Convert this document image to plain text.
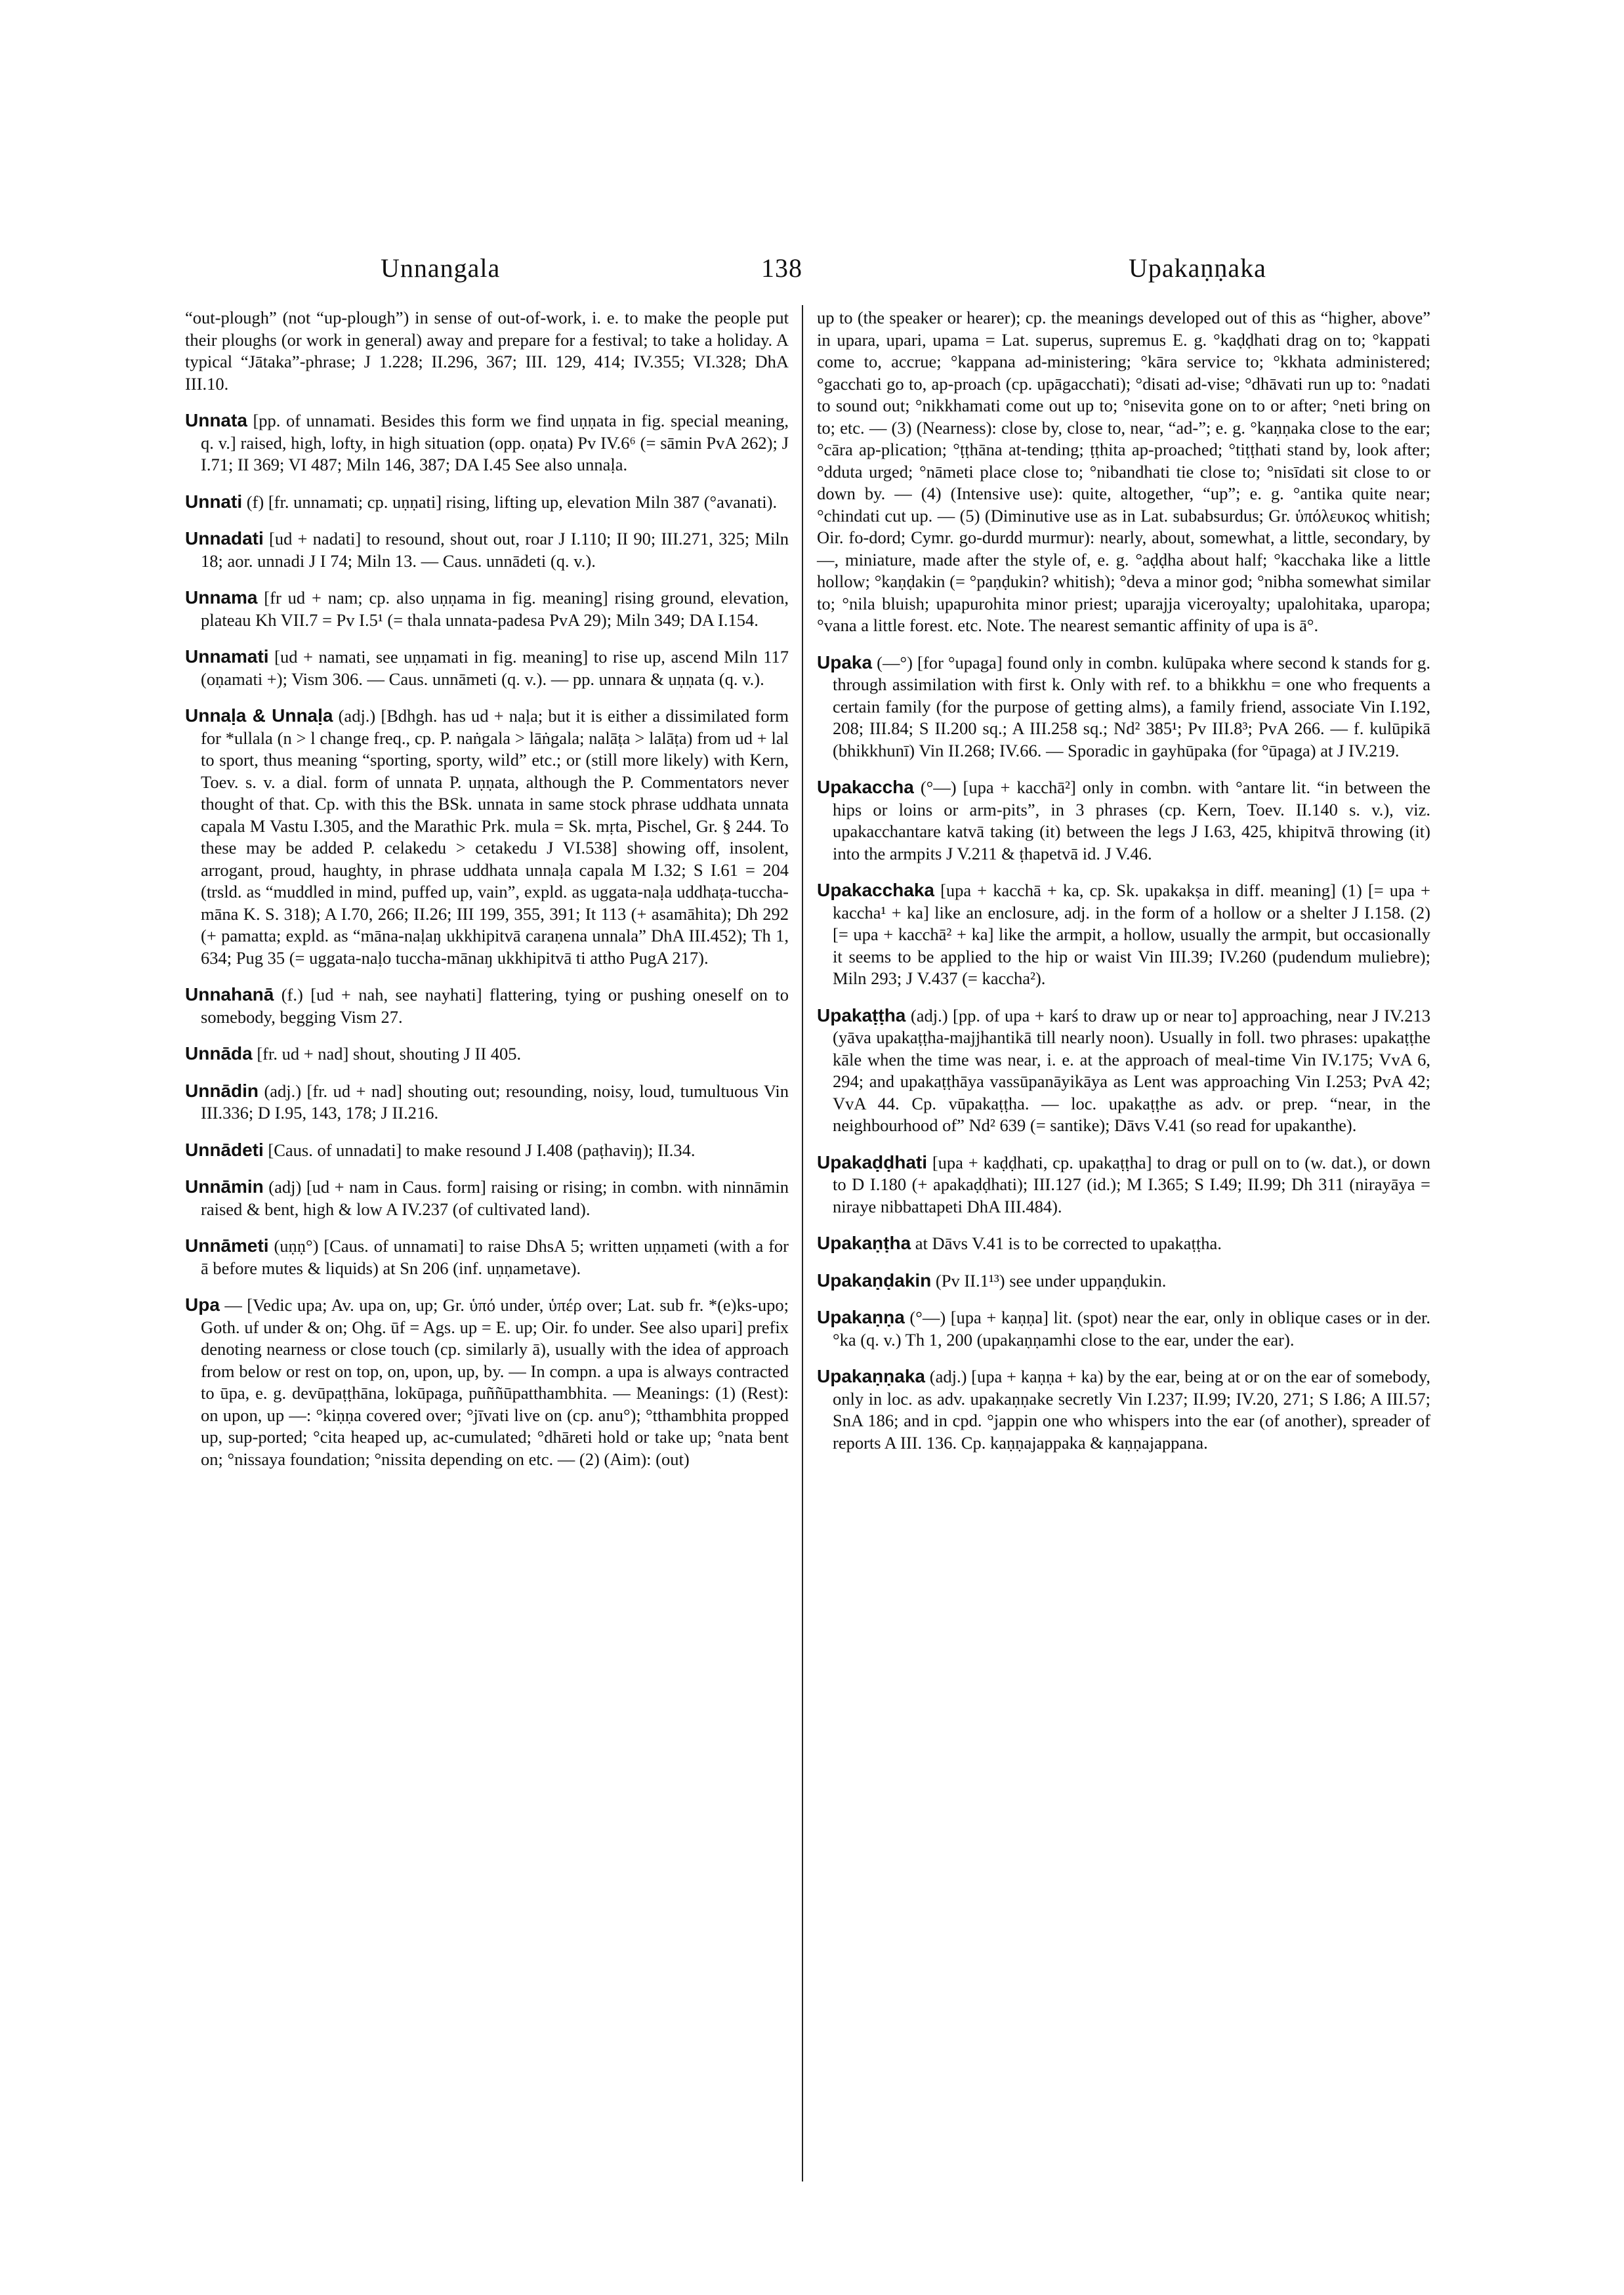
Unnangala	138	Upakaṇṇaka

“out-plough” (not “up-plough”) in sense of out-of-work, i. e. to make the people put their ploughs (or work in general) away and prepare for a festival; to take a holiday. A typical “Jātaka”-phrase; J 1.228; II.296, 367; III. 129, 414; IV.355; VI.328; DhA III.10.

Unnata [pp. of unnamati. Besides this form we find uṇṇata in fig. special meaning, q. v.] raised, high, lofty, in high situation (opp. oṇata) Pv IV.6⁶ (= sāmin PvA 262); J I.71; II 369; VI 487; Miln 146, 387; DA I.45 See also unnaḷa.

Unnati (f) [fr. unnamati; cp. uṇṇati] rising, lifting up, elevation Miln 387 (°avanati).

Unnadati [ud + nadati] to resound, shout out, roar J I.110; II 90; III.271, 325; Miln 18; aor. unnadi J I 74; Miln 13. — Caus. unnādeti (q. v.).

Unnama [fr ud + nam; cp. also uṇṇama in fig. meaning] rising ground, elevation, plateau Kh VII.7 = Pv I.5¹ (= thala unnata-padesa PvA 29); Miln 349; DA I.154.

Unnamati [ud + namati, see uṇṇamati in fig. meaning] to rise up, ascend Miln 117 (oṇamati +); Vism 306. — Caus. unnāmeti (q. v.). — pp. unnara & uṇṇata (q. v.).

Unnaḷa & Unnaḷa (adj.) [Bdhgh. has ud + naḷa; but it is either a dissimilated form for *ullala (n > l change freq., cp. P. naṅgala > lāṅgala; nalāṭa > lalāṭa) from ud + lal to sport, thus meaning “sporting, sporty, wild” etc.; or (still more likely) with Kern, Toev. s. v. a dial. form of unnata P. uṇṇata, although the P. Commentators never thought of that. Cp. with this the BSk. unnata in same stock phrase uddhata unnata capala M Vastu I.305, and the Marathic Prk. mula = Sk. mṛta, Pischel, Gr. § 244. To these may be added P. celakedu > cetakedu J VI.538] showing off, insolent, arrogant, proud, haughty, in phrase uddhata unnaḷa capala M I.32; S I.61 = 204 (trsld. as “muddled in mind, puffed up, vain”, expld. as uggata-naḷa uddhaṭa-tuccha-māna K. S. 318); A I.70, 266; II.26; III 199, 355, 391; It 113 (+ asamāhita); Dh 292 (+ pamatta; expld. as “māna-naḷaŋ ukkhipitvā caraṇena unnala” DhA III.452); Th 1, 634; Pug 35 (= uggata-naḷo tuccha-mānaŋ ukkhipitvā ti attho PugA 217).

Unnahanā (f.) [ud + nah, see nayhati] flattering, tying or pushing oneself on to somebody, begging Vism 27.

Unnāda [fr. ud + nad] shout, shouting J II 405.

Unnādin (adj.) [fr. ud + nad] shouting out; resounding, noisy, loud, tumultuous Vin III.336; D I.95, 143, 178; J II.216.

Unnādeti [Caus. of unnadati] to make resound J I.408 (paṭhaviŋ); II.34.

Unnāmin (adj) [ud + nam in Caus. form] raising or rising; in combn. with ninnāmin raised & bent, high & low A IV.237 (of cultivated land).

Unnāmeti (uṇṇ°) [Caus. of unnamati] to raise DhsA 5; written uṇṇameti (with a for ā before mutes & liquids) at Sn 206 (inf. uṇṇametave).

Upa — [Vedic upa; Av. upa on, up; Gr. ὑπό under, ὑπέρ over; Lat. sub fr. *(e)ks-upo; Goth. uf under & on; Ohg. ūf = Ags. up = E. up; Oir. fo under. See also upari] prefix denoting nearness or close touch (cp. similarly ā), usually with the idea of approach from below or rest on top, on, upon, up, by. — In compn. a upa is always contracted to ūpa, e. g. devūpaṭṭhāna, lokūpaga, puññūpatthambhita. — Meanings: (1) (Rest): on upon, up —: °kiṇṇa covered over; °jīvati live on (cp. anu°); °tthambhita propped up, sup-ported; °cita heaped up, ac-cumulated; °dhāreti hold or take up; °nata bent on; °nissaya foundation; °nissita depending on etc. — (2) (Aim): (out)

up to (the speaker or hearer); cp. the meanings developed out of this as “higher, above” in upara, upari, upama = Lat. superus, supremus E. g. °kaḍḍhati drag on to; °kappati come to, accrue; °kappana ad-ministering; °kāra service to; °kkhata administered; °gacchati go to, ap-proach (cp. upāgacchati); °disati ad-vise; °dhāvati run up to: °nadati to sound out; °nikkhamati come out up to; °nisevita gone on to or after; °neti bring on to; etc. — (3) (Nearness): close by, close to, near, “ad-”; e. g. °kaṇṇaka close to the ear; °cāra ap-plication; °ṭṭhāna at-tending; ṭṭhita ap-proached; °tiṭṭhati stand by, look after; °dduta urged; °nāmeti place close to; °nibandhati tie close to; °nisīdati sit close to or down by. — (4) (Intensive use): quite, altogether, “up”; e. g. °antika quite near; °chindati cut up. — (5) (Diminutive use as in Lat. subabsurdus; Gr. ὑπόλευκος whitish; Oir. fo-dord; Cymr. go-durdd murmur): nearly, about, somewhat, a little, secondary, by —, miniature, made after the style of, e. g. °aḍḍha about half; °kacchaka like a little hollow; °kaṇḍakin (= °paṇḍukin? whitish); °deva a minor god; °nibha somewhat similar to; °nila bluish; upapurohita minor priest; uparajja viceroyalty; upalohitaka, uparopa; °vana a little forest. etc. Note. The nearest semantic affinity of upa is ā°.

Upaka (—°) [for °upaga] found only in combn. kulūpaka where second k stands for g. through assimilation with first k. Only with ref. to a bhikkhu = one who frequents a certain family (for the purpose of getting alms), a family friend, associate Vin I.192, 208; III.84; S II.200 sq.; A III.258 sq.; Nd² 385¹; Pv III.8³; PvA 266. — f. kulūpikā (bhikkhunī) Vin II.268; IV.66. — Sporadic in gayhūpaka (for °ūpaga) at J IV.219.

Upakaccha (°—) [upa + kacchā²] only in combn. with °antare lit. “in between the hips or loins or arm-pits”, in 3 phrases (cp. Kern, Toev. II.140 s. v.), viz. upakacchantare katvā taking (it) between the legs J I.63, 425, khipitvā throwing (it) into the armpits J V.211 & ṭhapetvā id. J V.46.

Upakacchaka [upa + kacchā + ka, cp. Sk. upakakṣa in diff. meaning] (1) [= upa + kaccha¹ + ka] like an enclosure, adj. in the form of a hollow or a shelter J I.158. (2) [= upa + kacchā² + ka] like the armpit, a hollow, usually the armpit, but occasionally it seems to be applied to the hip or waist Vin III.39; IV.260 (pudendum muliebre); Miln 293; J V.437 (= kaccha²).

Upakaṭṭha (adj.) [pp. of upa + karś to draw up or near to] approaching, near J IV.213 (yāva upakaṭṭha-majjhantikā till nearly noon). Usually in foll. two phrases: upakaṭṭhe kāle when the time was near, i. e. at the approach of meal-time Vin IV.175; VvA 6, 294; and upakaṭṭhāya vassūpanāyikāya as Lent was approaching Vin I.253; PvA 42; VvA 44. Cp. vūpakaṭṭha. — loc. upakaṭṭhe as adv. or prep. “near, in the neighbourhood of” Nd² 639 (= santike); Dāvs V.41 (so read for upakanthe).

Upakaḍḍhati [upa + kaḍḍhati, cp. upakaṭṭha] to drag or pull on to (w. dat.), or down to D I.180 (+ apakaḍḍhati); III.127 (id.); M I.365; S I.49; II.99; Dh 311 (nirayāya = niraye nibbattapeti DhA III.484).

Upakaṇṭha at Dāvs V.41 is to be corrected to upakaṭṭha.

Upakaṇḍakin (Pv II.1¹³) see under uppaṇḍukin.

Upakaṇṇa (°—) [upa + kaṇṇa] lit. (spot) near the ear, only in oblique cases or in der. °ka (q. v.) Th 1, 200 (upakaṇṇamhi close to the ear, under the ear).

Upakaṇṇaka (adj.) [upa + kaṇṇa + ka) by the ear, being at or on the ear of somebody, only in loc. as adv. upakaṇṇake secretly Vin I.237; II.99; IV.20, 271; S I.86; A III.57; SnA 186; and in cpd. °jappin one who whispers into the ear (of another), spreader of reports A III. 136. Cp. kaṇṇajappaka & kaṇṇajappana.
